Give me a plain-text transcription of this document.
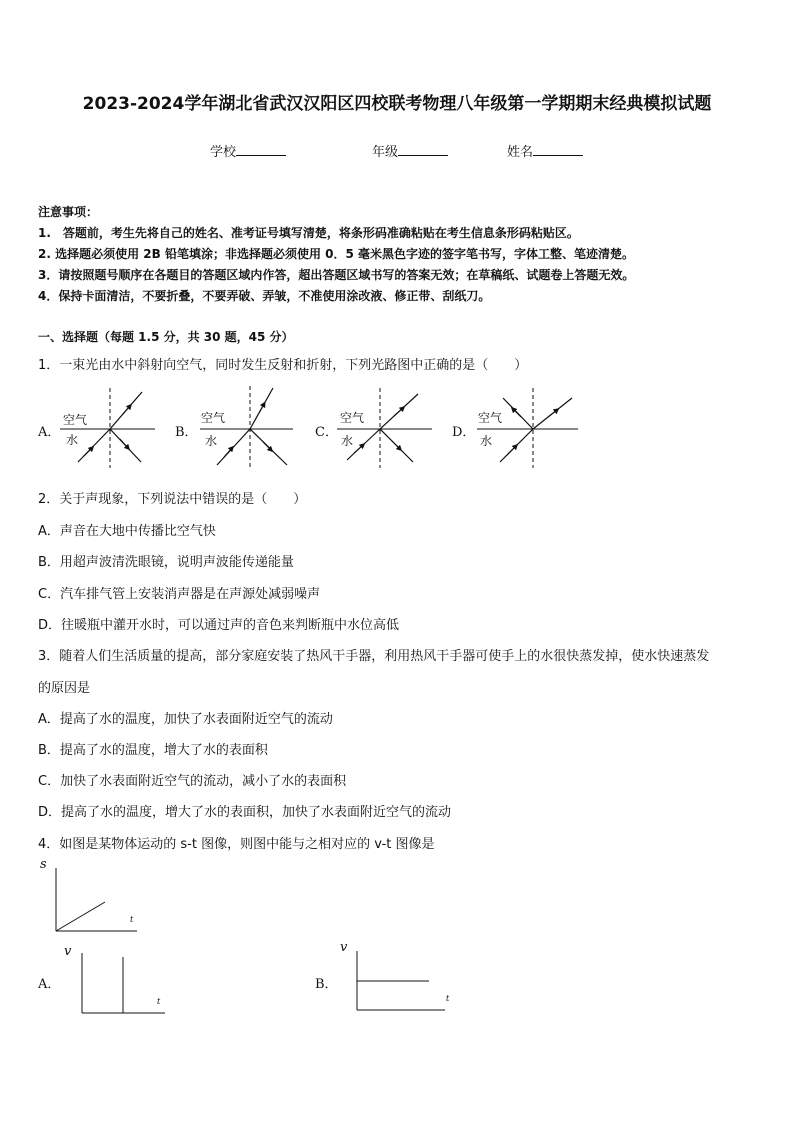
2023-2024学年湖北省武汉汉阳区四校联考物理八年级第一学期期末经典模拟试题
学校	年级	姓名
注意事项：
1.　答题前，考生先将自己的姓名、准考证号填写清楚，将条形码准确粘贴在考生信息条形码粘贴区。
2. 选择题必须使用 2B 铅笔填涂；非选择题必须使用 0．5 毫米黑色字迹的签字笔书写，字体工整、笔迹清楚。
3．请按照题号顺序在各题目的答题区域内作答，超出答题区域书写的答案无效；在草稿纸、试题卷上答题无效。
4．保持卡面清洁，不要折叠，不要弄破、弄皱，不准使用涂改液、修正带、刮纸刀。
一、选择题（每题 1.5 分，共 30 题，45 分）
1．一束光由水中斜射向空气，同时发生反射和折射，下列光路图中正确的是（　　）
A．	B．	C．	D．
空气
水
空气
水
空气
水
空气
水
2．关于声现象，下列说法中错误的是（　　）
A．声音在大地中传播比空气快
B．用超声波清洗眼镜，说明声波能传递能量
C．汽车排气管上安装消声器是在声源处减弱噪声
D．往暖瓶中灌开水时，可以通过声的音色来判断瓶中水位高低
3．随着人们生活质量的提高，部分家庭安装了热风干手器，利用热风干手器可使手上的水很快蒸发掉，使水快速蒸发
的原因是
A．提高了水的温度，加快了水表面附近空气的流动
B．提高了水的温度，增大了水的表面积
C．加快了水表面附近空气的流动，减小了水的表面积
D．提高了水的温度，增大了水的表面积，加快了水表面附近空气的流动
4．如图是某物体运动的 s-t 图像，则图中能与之相对应的 v-t 图像是
s
t
A．
v
t
B．
v
t
